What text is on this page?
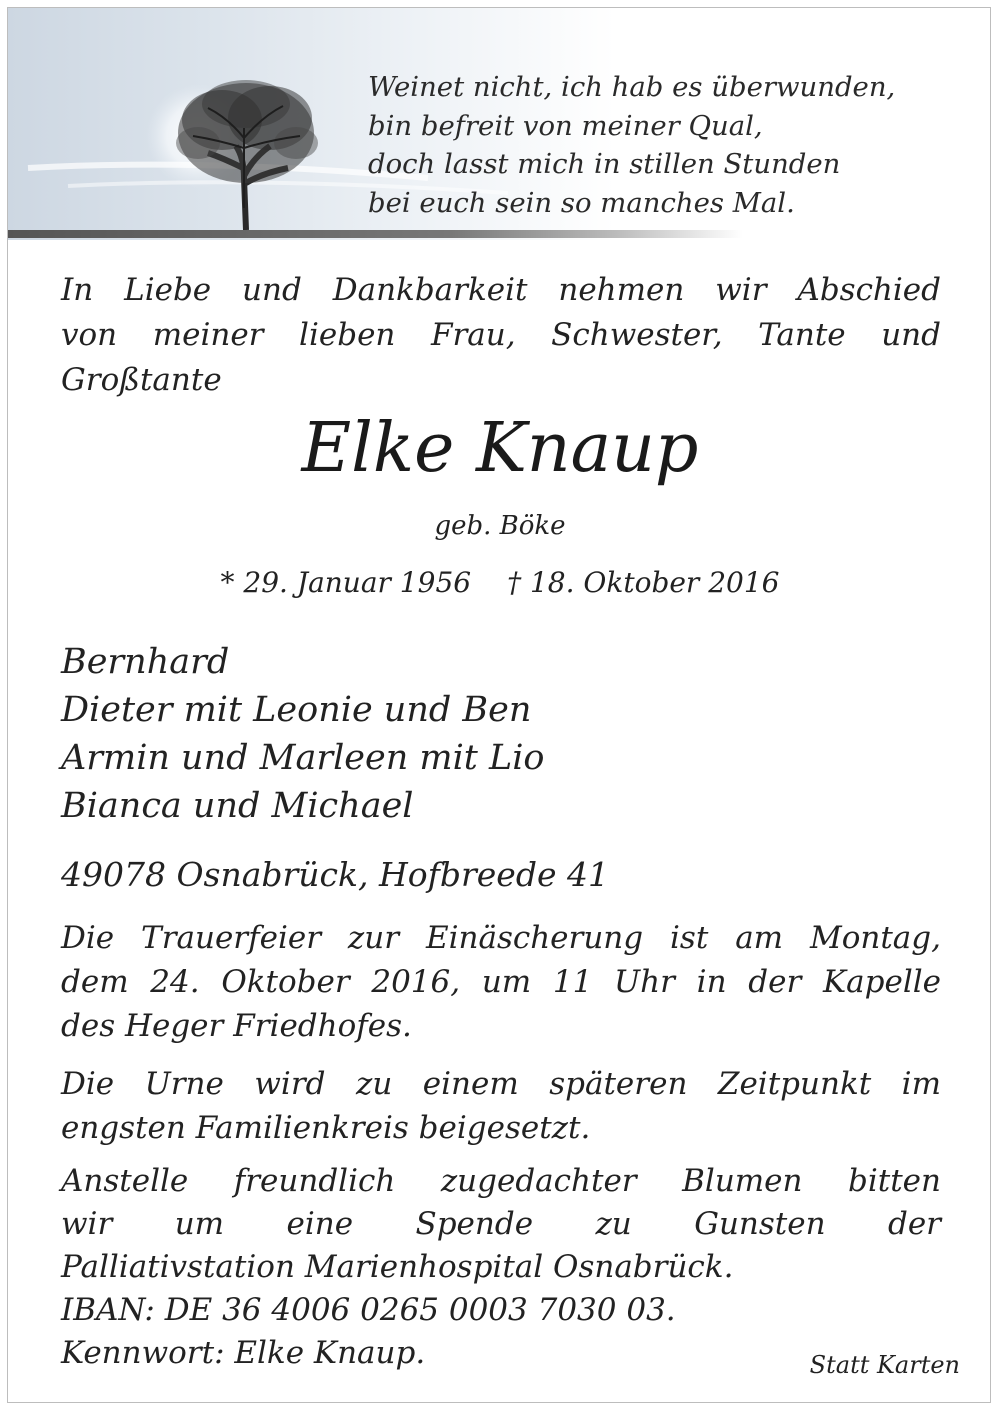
Weinet nicht, ich hab es überwunden,
bin befreit von meiner Qual,
doch lasst mich in stillen Stunden
bei euch sein so manches Mal.
In Liebe und Dankbarkeit nehmen wir Abschied
von meiner lieben Frau, Schwester, Tante und
Großtante
Elke Knaup
geb. Böke
* 29. Januar 1956 † 18. Oktober 2016
Bernhard
Dieter mit Leonie und Ben
Armin und Marleen mit Lio
Bianca und Michael
49078 Osnabrück, Hofbreede 41
Die Trauerfeier zur Einäscherung ist am Montag,
dem 24. Oktober 2016, um 11 Uhr in der Kapelle
des Heger Friedhofes.
Die Urne wird zu einem späteren Zeitpunkt im
engsten Familienkreis beigesetzt.
Anstelle freundlich zugedachter Blumen bitten
wir um eine Spende zu Gunsten der
Palliativstation Marienhospital Osnabrück.
IBAN: DE 36 4006 0265 0003 7030 03.
Kennwort: Elke Knaup.	Statt Karten
